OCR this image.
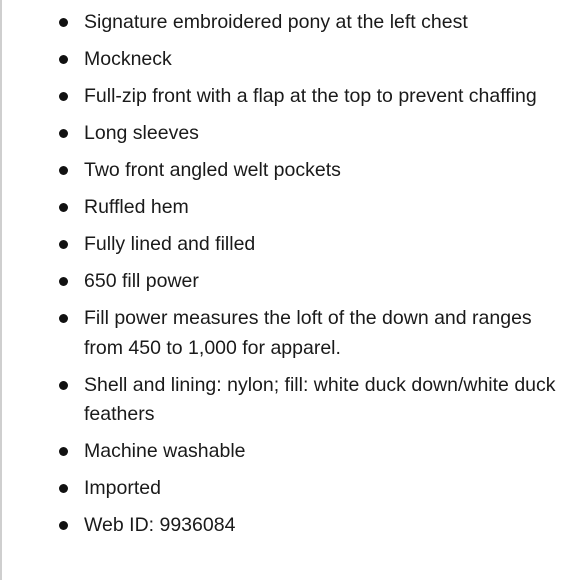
Signature embroidered pony at the left chest
Mockneck
Full-zip front with a flap at the top to prevent chaffing
Long sleeves
Two front angled welt pockets
Ruffled hem
Fully lined and filled
650 fill power
Fill power measures the loft of the down and ranges from 450 to 1,000 for apparel.
Shell and lining: nylon; fill: white duck down/white duck feathers
Machine washable
Imported
Web ID: 9936084
